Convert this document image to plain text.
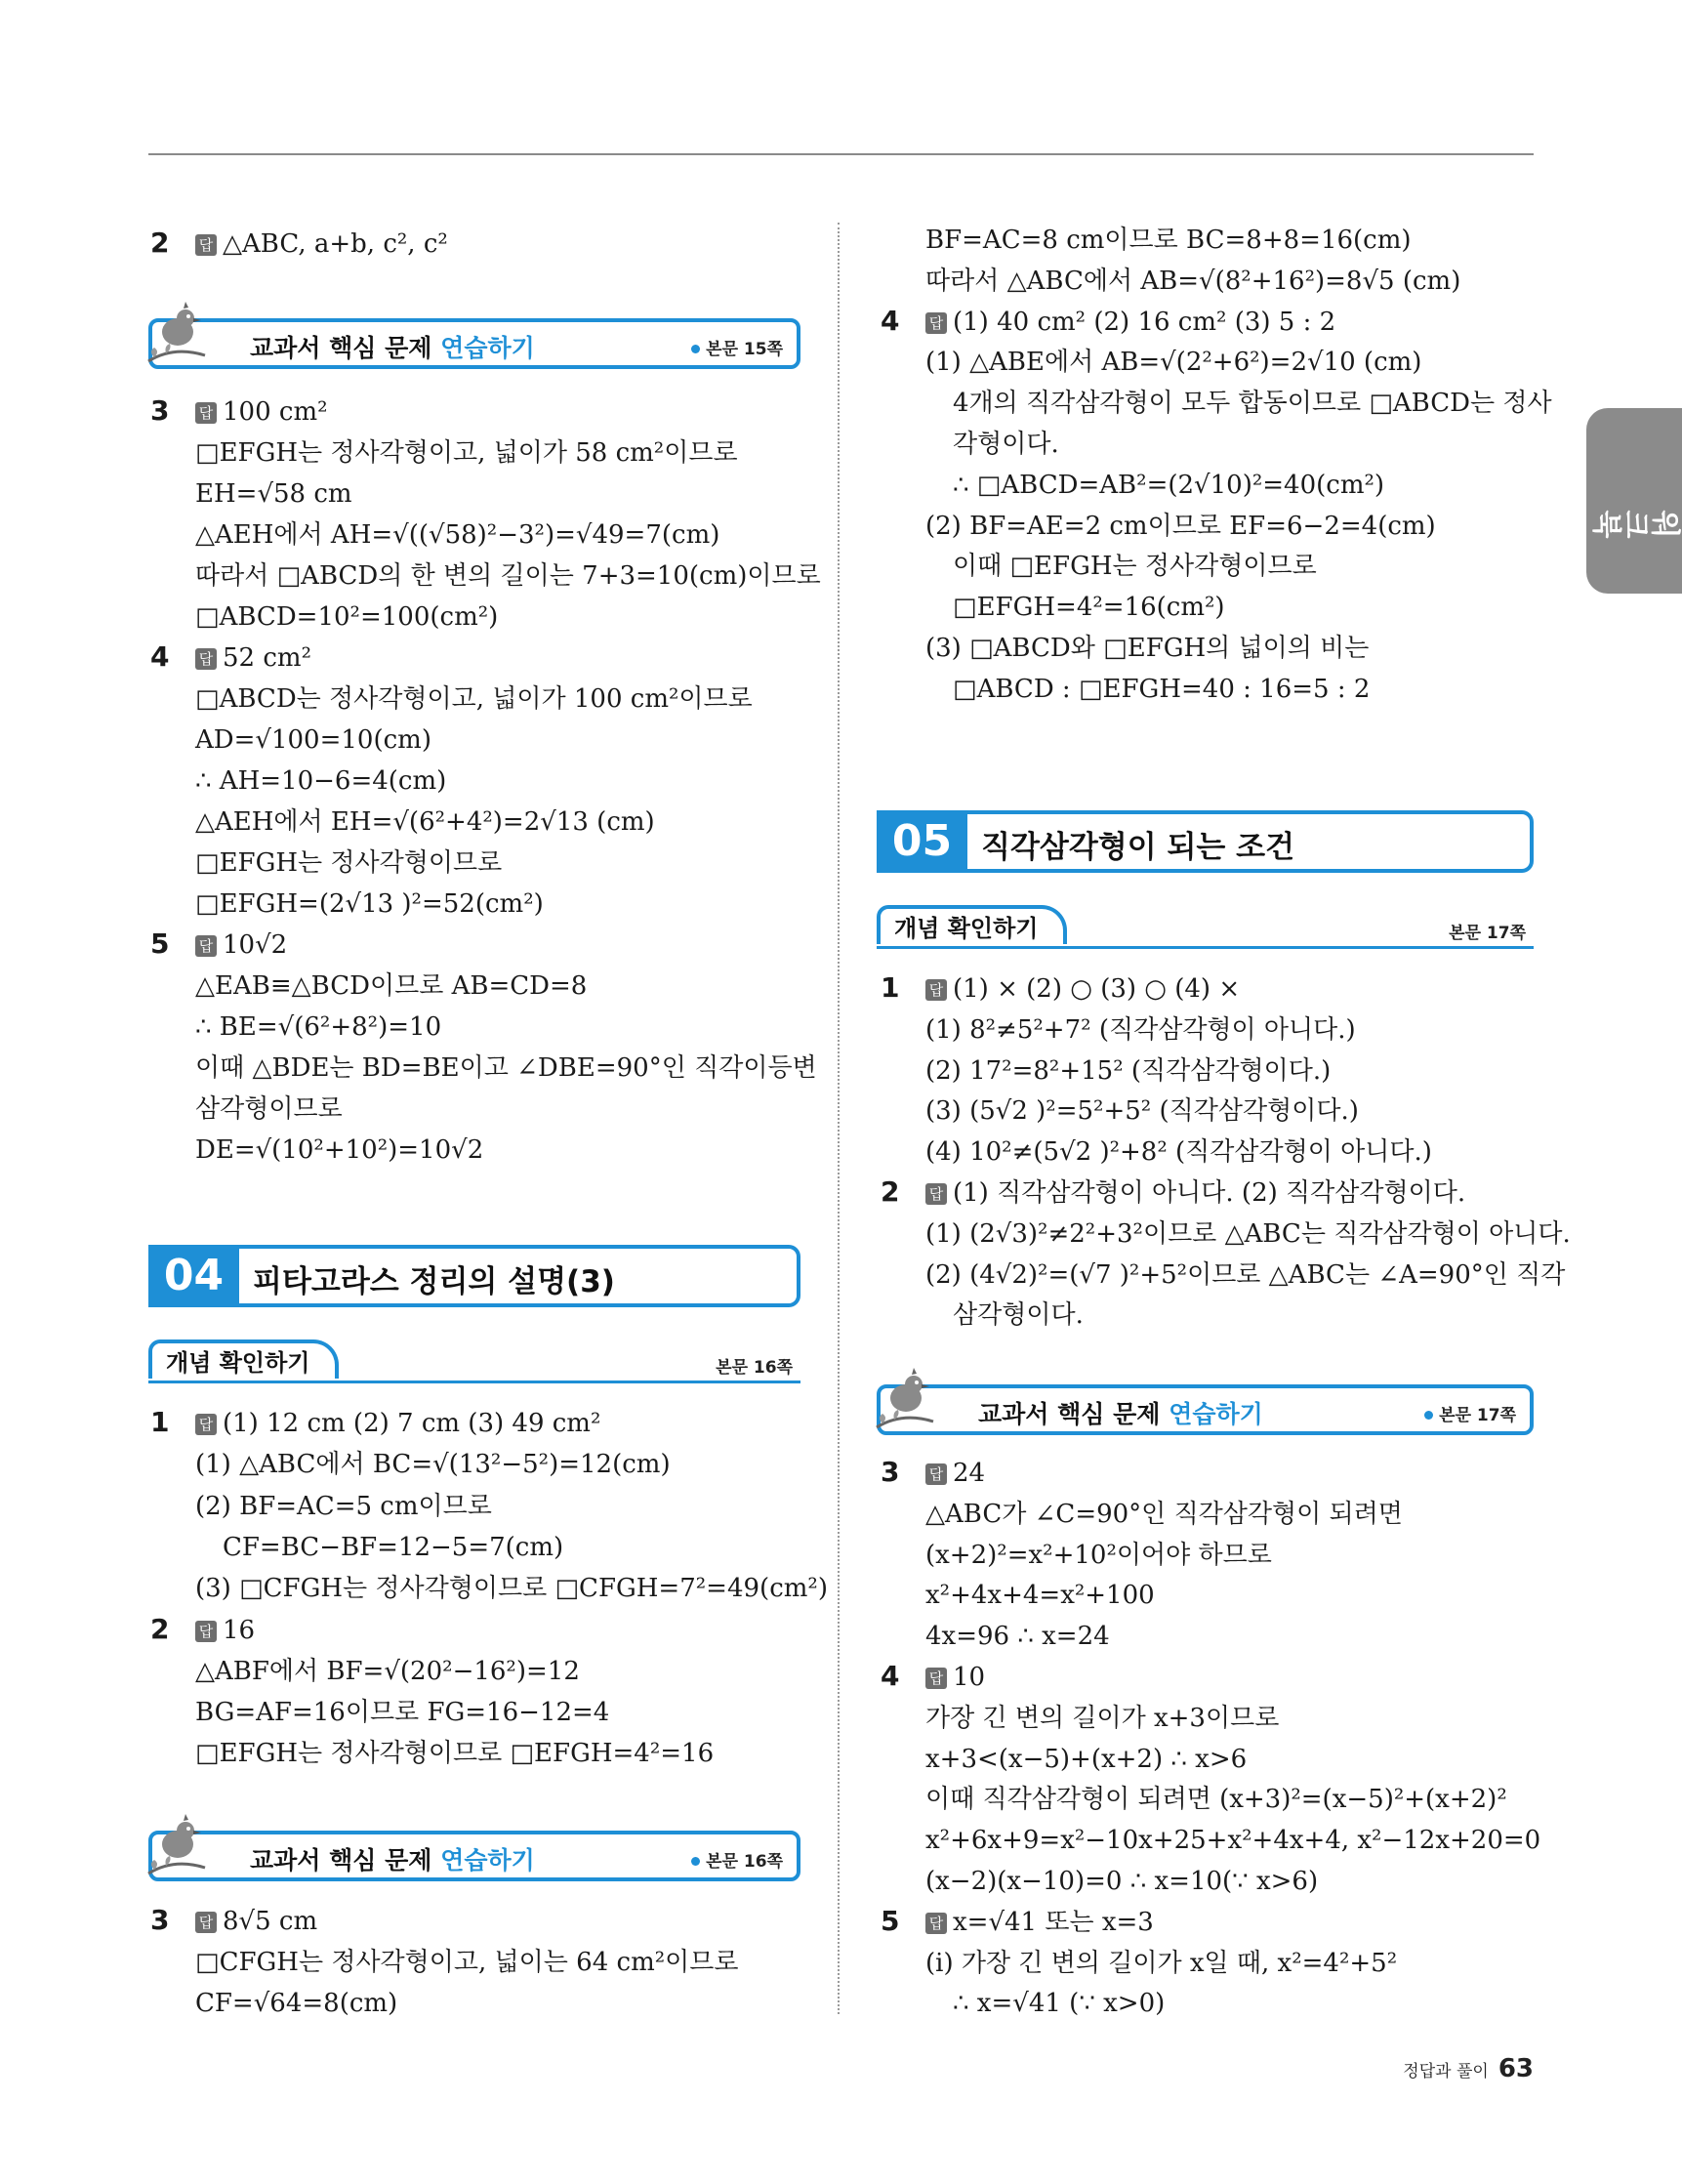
워크북
2 답 △ABC, a+b, c², c²
교과서 핵심 문제 연습하기	본문 15쪽
3 답 100 cm²
□EFGH는 정사각형이고, 넓이가 58 cm²이므로
EH=√58 cm
△AEH에서 AH=√((√58)²−3²)=√49=7(cm)
따라서 □ABCD의 한 변의 길이는 7+3=10(cm)이므로
□ABCD=10²=100(cm²)
4 답 52 cm²
□ABCD는 정사각형이고, 넓이가 100 cm²이므로
AD=√100=10(cm)
∴ AH=10−6=4(cm)
△AEH에서 EH=√(6²+4²)=2√13 (cm)
□EFGH는 정사각형이므로
□EFGH=(2√13 )²=52(cm²)
5 답 10√2
△EAB≡△BCD이므로 AB=CD=8
∴ BE=√(6²+8²)=10
이때 △BDE는 BD=BE이고 ∠DBE=90°인 직각이등변
삼각형이므로
DE=√(10²+10²)=10√2
04 피타고라스 정리의 설명(3)
개념 확인하기	본문 16쪽
1 답 (1) 12 cm (2) 7 cm (3) 49 cm²
(1) △ABC에서 BC=√(13²−5²)=12(cm)
(2) BF=AC=5 cm이므로
CF=BC−BF=12−5=7(cm)
(3) □CFGH는 정사각형이므로 □CFGH=7²=49(cm²)
2 답 16
△ABF에서 BF=√(20²−16²)=12
BG=AF=16이므로 FG=16−12=4
□EFGH는 정사각형이므로 □EFGH=4²=16
교과서 핵심 문제 연습하기	본문 16쪽
3 답 8√5 cm
□CFGH는 정사각형이고, 넓이는 64 cm²이므로
CF=√64=8(cm)
BF=AC=8 cm이므로 BC=8+8=16(cm)
따라서 △ABC에서 AB=√(8²+16²)=8√5 (cm)
4 답 (1) 40 cm² (2) 16 cm² (3) 5 : 2
(1) △ABE에서 AB=√(2²+6²)=2√10 (cm)
4개의 직각삼각형이 모두 합동이므로 □ABCD는 정사
각형이다.
∴ □ABCD=AB²=(2√10)²=40(cm²)
(2) BF=AE=2 cm이므로 EF=6−2=4(cm)
이때 □EFGH는 정사각형이므로
□EFGH=4²=16(cm²)
(3) □ABCD와 □EFGH의 넓이의 비는
□ABCD : □EFGH=40 : 16=5 : 2
05 직각삼각형이 되는 조건
개념 확인하기	본문 17쪽
1 답 (1) × (2) ○ (3) ○ (4) ×
(1) 8²≠5²+7² (직각삼각형이 아니다.)
(2) 17²=8²+15² (직각삼각형이다.)
(3) (5√2 )²=5²+5² (직각삼각형이다.)
(4) 10²≠(5√2 )²+8² (직각삼각형이 아니다.)
2 답 (1) 직각삼각형이 아니다. (2) 직각삼각형이다.
(1) (2√3)²≠2²+3²이므로 △ABC는 직각삼각형이 아니다.
(2) (4√2)²=(√7 )²+5²이므로 △ABC는 ∠A=90°인 직각
삼각형이다.
교과서 핵심 문제 연습하기	본문 17쪽
3 답 24
△ABC가 ∠C=90°인 직각삼각형이 되려면
(x+2)²=x²+10²이어야 하므로
x²+4x+4=x²+100
4x=96 ∴ x=24
4 답 10
가장 긴 변의 길이가 x+3이므로
x+3<(x−5)+(x+2) ∴ x>6
이때 직각삼각형이 되려면 (x+3)²=(x−5)²+(x+2)²
x²+6x+9=x²−10x+25+x²+4x+4, x²−12x+20=0
(x−2)(x−10)=0 ∴ x=10(∵ x>6)
5 답 x=√41 또는 x=3
(i) 가장 긴 변의 길이가 x일 때, x²=4²+5²
∴ x=√41 (∵ x>0)
정답과 풀이 63
